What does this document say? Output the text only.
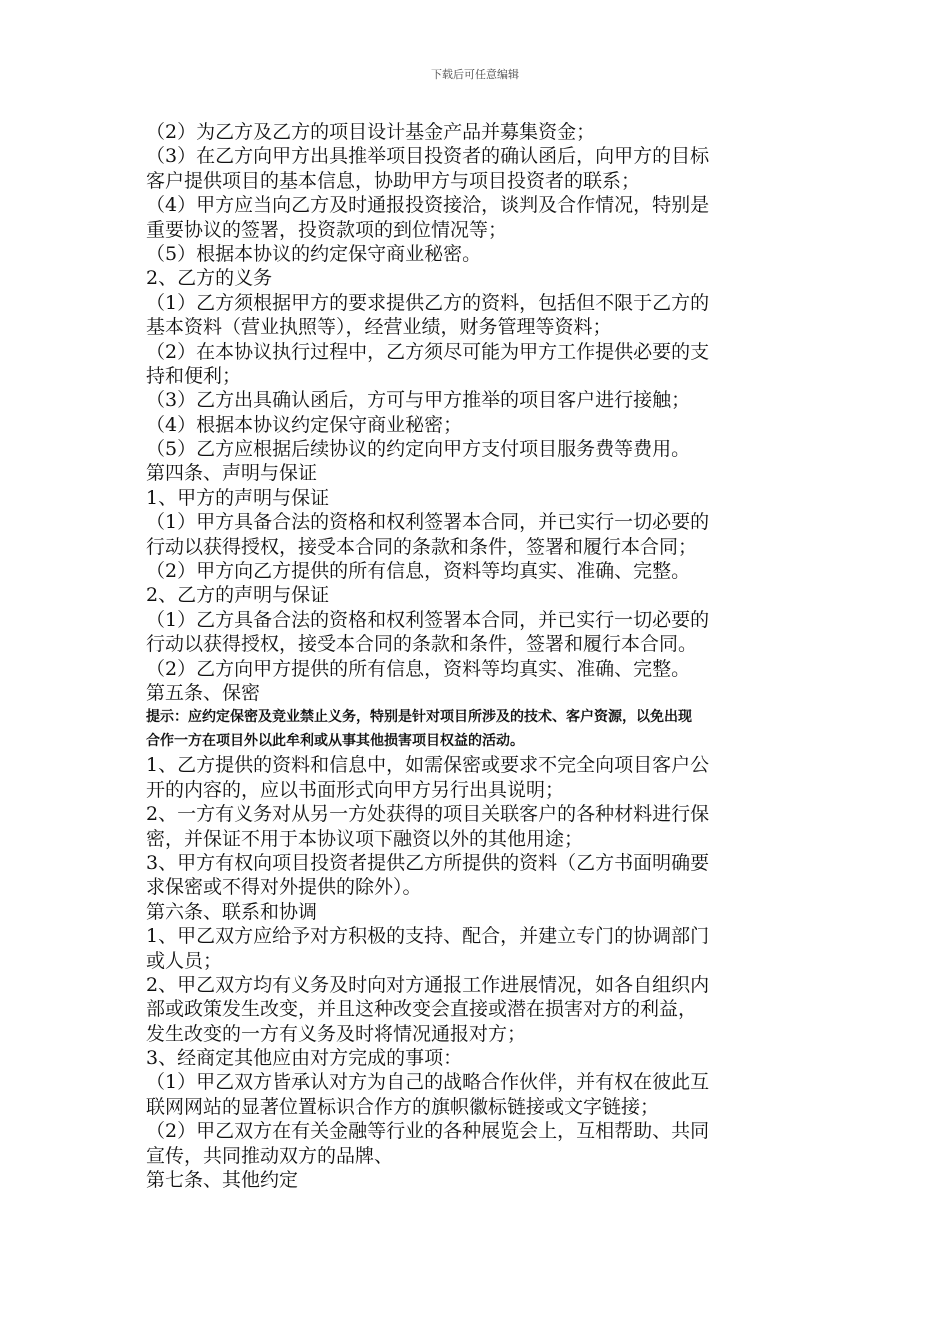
下载后可任意编辑
（2）为乙方及乙方的项目设计基金产品并募集资金；
（3）在乙方向甲方出具推举项目投资者的确认函后，向甲方的目标
客户提供项目的基本信息，协助甲方与项目投资者的联系；
（4）甲方应当向乙方及时通报投资接洽，谈判及合作情况，特别是
重要协议的签署，投资款项的到位情况等；
（5）根据本协议的约定保守商业秘密。
2、乙方的义务
（1）乙方须根据甲方的要求提供乙方的资料，包括但不限于乙方的
基本资料（营业执照等），经营业绩，财务管理等资料；
（2）在本协议执行过程中，乙方须尽可能为甲方工作提供必要的支
持和便利；
（3）乙方出具确认函后，方可与甲方推举的项目客户进行接触；
（4）根据本协议约定保守商业秘密；
（5）乙方应根据后续协议的约定向甲方支付项目服务费等费用。
第四条、声明与保证
1、甲方的声明与保证
（1）甲方具备合法的资格和权利签署本合同，并已实行一切必要的
行动以获得授权，接受本合同的条款和条件，签署和履行本合同；
（2）甲方向乙方提供的所有信息，资料等均真实、准确、完整。
2、乙方的声明与保证
（1）乙方具备合法的资格和权利签署本合同，并已实行一切必要的
行动以获得授权，接受本合同的条款和条件，签署和履行本合同。
（2）乙方向甲方提供的所有信息，资料等均真实、准确、完整。
第五条、保密
提示：应约定保密及竞业禁止义务，特别是针对项目所涉及的技术、客户资源，以免出现
合作一方在项目外以此牟利或从事其他损害项目权益的活动。
1、乙方提供的资料和信息中，如需保密或要求不完全向项目客户公
开的内容的，应以书面形式向甲方另行出具说明；
2、一方有义务对从另一方处获得的项目关联客户的各种材料进行保
密，并保证不用于本协议项下融资以外的其他用途；
3、甲方有权向项目投资者提供乙方所提供的资料（乙方书面明确要
求保密或不得对外提供的除外）。
第六条、联系和协调
1、甲乙双方应给予对方积极的支持、配合，并建立专门的协调部门
或人员；
2、甲乙双方均有义务及时向对方通报工作进展情况，如各自组织内
部或政策发生改变，并且这种改变会直接或潜在损害对方的利益，
发生改变的一方有义务及时将情况通报对方；
3、经商定其他应由对方完成的事项：
（1）甲乙双方皆承认对方为自己的战略合作伙伴，并有权在彼此互
联网网站的显著位置标识合作方的旗帜徽标链接或文字链接；
（2）甲乙双方在有关金融等行业的各种展览会上，互相帮助、共同
宣传，共同推动双方的品牌、
第七条、其他约定
